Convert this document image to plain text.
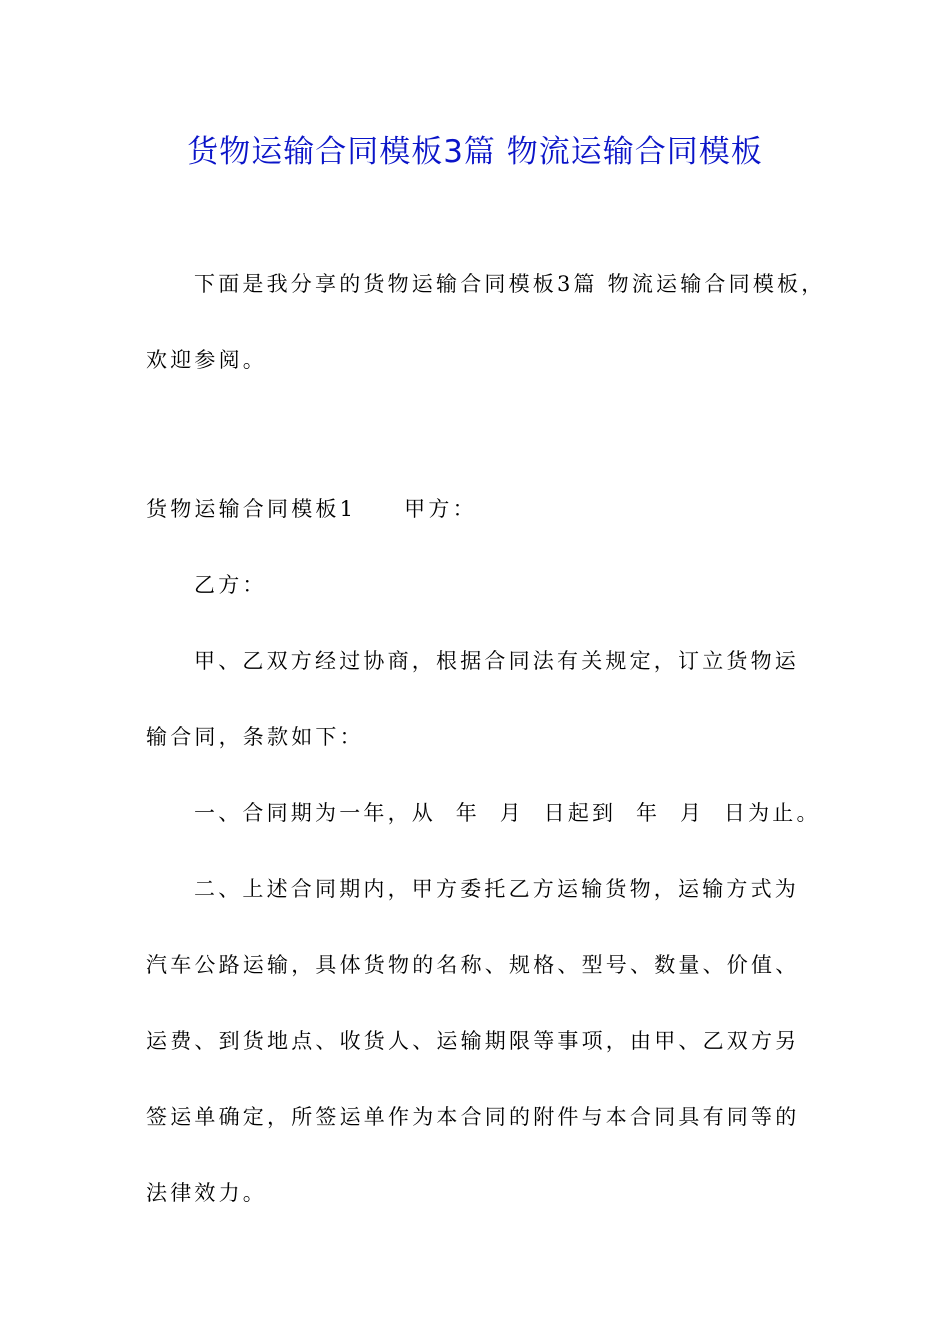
货物运输合同模板3篇 物流运输合同模板
下面是我分享的货物运输合同模板3篇 物流运输合同模板，
欢迎参阅。
货物运输合同模板1 甲方：
乙方：
甲、乙双方经过协商，根据合同法有关规定，订立货物运
输合同，条款如下：
一、合同期为一年，从  年  月  日起到  年  月  日为止。
二、上述合同期内，甲方委托乙方运输货物，运输方式为
汽车公路运输，具体货物的名称、规格、型号、数量、价值、
运费、到货地点、收货人、运输期限等事项，由甲、乙双方另
签运单确定，所签运单作为本合同的附件与本合同具有同等的
法律效力。
